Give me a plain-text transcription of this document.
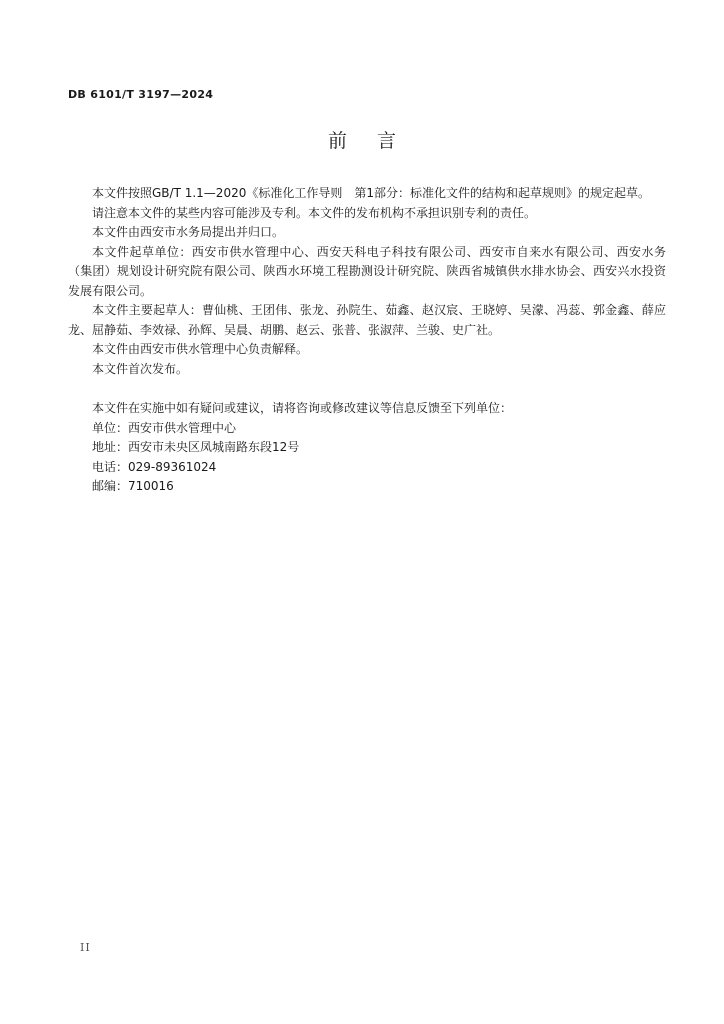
DB 6101/T 3197—2024
前言

本文件按照GB/T 1.1—2020《标准化工作导则　第1部分：标准化文件的结构和起草规则》的规定起草。

请注意本文件的某些内容可能涉及专利。本文件的发布机构不承担识别专利的责任。

本文件由西安市水务局提出并归口。

本文件起草单位：西安市供水管理中心、西安天科电子科技有限公司、西安市自来水有限公司、西安水务（集团）规划设计研究院有限公司、陕西水环境工程勘测设计研究院、陕西省城镇供水排水协会、西安兴水投资发展有限公司。

本文件主要起草人：曹仙桃、王团伟、张龙、孙院生、茹鑫、赵汉宸、王晓婷、吴濛、冯蕊、郭金鑫、薛应龙、屈静茹、李效禄、孙辉、吴晨、胡鹏、赵云、张普、张淑萍、兰骏、史广社。

本文件由西安市供水管理中心负责解释。

本文件首次发布。

本文件在实施中如有疑问或建议，请将咨询或修改建议等信息反馈至下列单位：

单位：西安市供水管理中心

地址：西安市未央区凤城南路东段12号

电话：029-89361024

邮编：710016

II
